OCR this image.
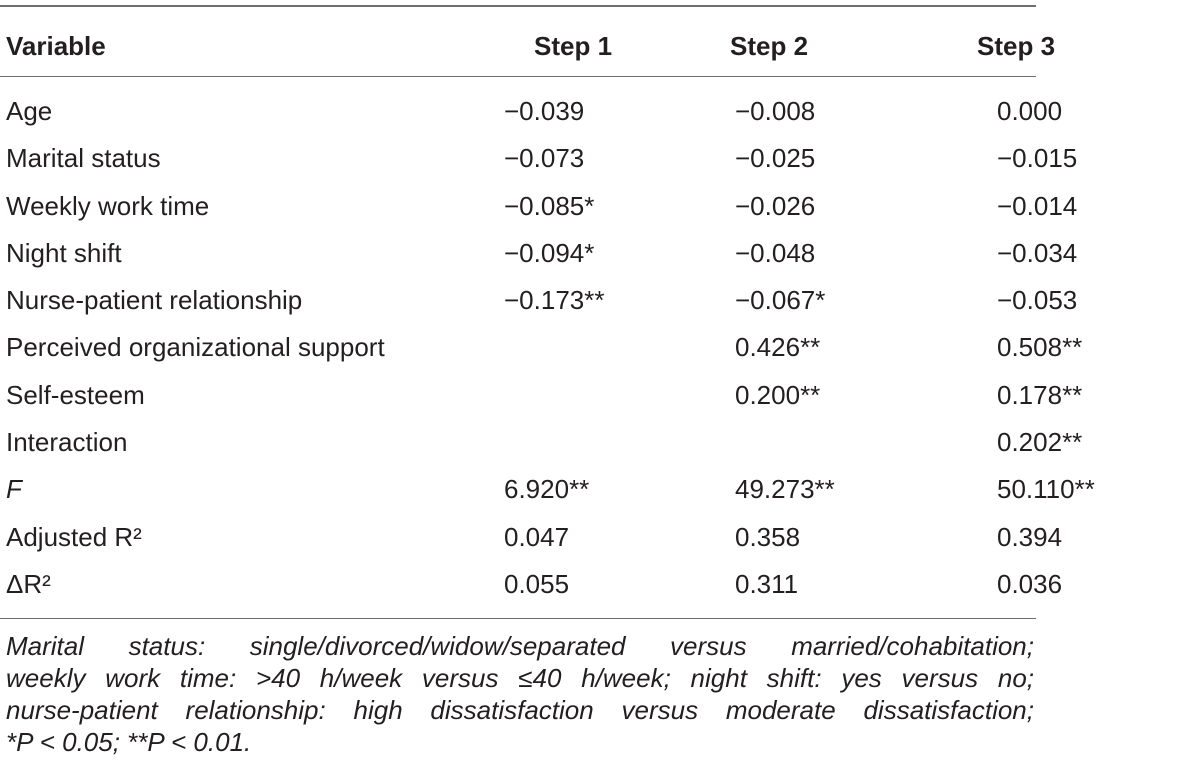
Variable	Step 1	Step 2	Step 3
Age	−0.039	−0.008	0.000
Marital status	−0.073	−0.025	−0.015
Weekly work time	−0.085*	−0.026	−0.014
Night shift	−0.094*	−0.048	−0.034
Nurse-patient relationship	−0.173**	−0.067*	−0.053
Perceived organizational support		0.426**	0.508**
Self-esteem		0.200**	0.178**
Interaction			0.202**
F	6.920**	49.273**	50.110**
Adjusted R²	0.047	0.358	0.394
ΔR²	0.055	0.311	0.036
Marital status: single/divorced/widow/separated versus married/cohabitation;
weekly work time: >40 h/week versus ≤40 h/week; night shift: yes versus no;
nurse-patient relationship: high dissatisfaction versus moderate dissatisfaction;
*P < 0.05; **P < 0.01.
